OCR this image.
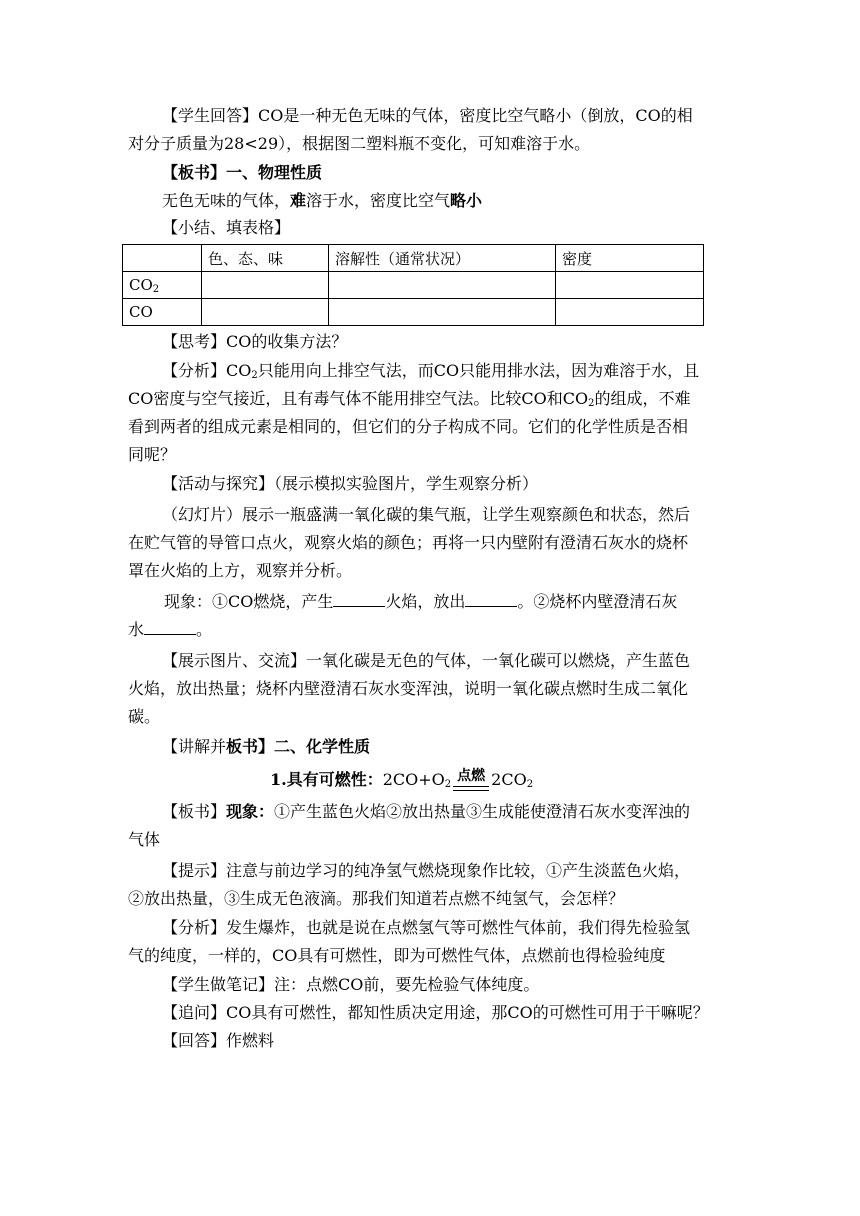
【学生回答】CO是一种无色无味的气体，密度比空气略小（倒放，CO的相
对分子质量为28<29），根据图二塑料瓶不变化，可知难溶于水。
【板书】一、物理性质
无色无味的气体，难溶于水，密度比空气略小
【小结、填表格】
	色、态、味	溶解性（通常状况）	密度
$CO_2$			
CO			
【思考】CO的收集方法？
【分析】$CO_2$只能用向上排空气法，而CO只能用排水法，因为难溶于水，且
CO密度与空气接近，且有毒气体不能用排空气法。比较CO和$CO_2$的组成，不难
看到两者的组成元素是相同的，但它们的分子构成不同。它们的化学性质是否相
同呢？
【活动与探究】（展示模拟实验图片，学生观察分析）
（幻灯片）展示一瓶盛满一氧化碳的集气瓶，让学生观察颜色和状态，然后
在贮气管的导管口点火，观察火焰的颜色；再将一只内壁附有澄清石灰水的烧杯
罩在火焰的上方，观察并分析。
现象：①CO燃烧，产生	火焰，放出	。②烧杯内壁澄清石灰
水	。
【展示图片、交流】一氧化碳是无色的气体，一氧化碳可以燃烧，产生蓝色
火焰，放出热量；烧杯内壁澄清石灰水变浑浊，说明一氧化碳点燃时生成二氧化
碳。
【讲解并板书】二、化学性质
1.具有可燃性：$2CO+O_2$
点燃 $2CO_2$
【板书】现象：①产生蓝色火焰②放出热量③生成能使澄清石灰水变浑浊的
气体
【提示】注意与前边学习的纯净氢气燃烧现象作比较，①产生淡蓝色火焰，
②放出热量，③生成无色液滴。那我们知道若点燃不纯氢气，会怎样？
【分析】发生爆炸，也就是说在点燃氢气等可燃性气体前，我们得先检验氢
气的纯度，一样的，CO具有可燃性，即为可燃性气体，点燃前也得检验纯度
【学生做笔记】注：点燃CO前，要先检验气体纯度。
【追问】CO具有可燃性，都知性质决定用途，那CO的可燃性可用于干嘛呢？
【回答】作燃料
